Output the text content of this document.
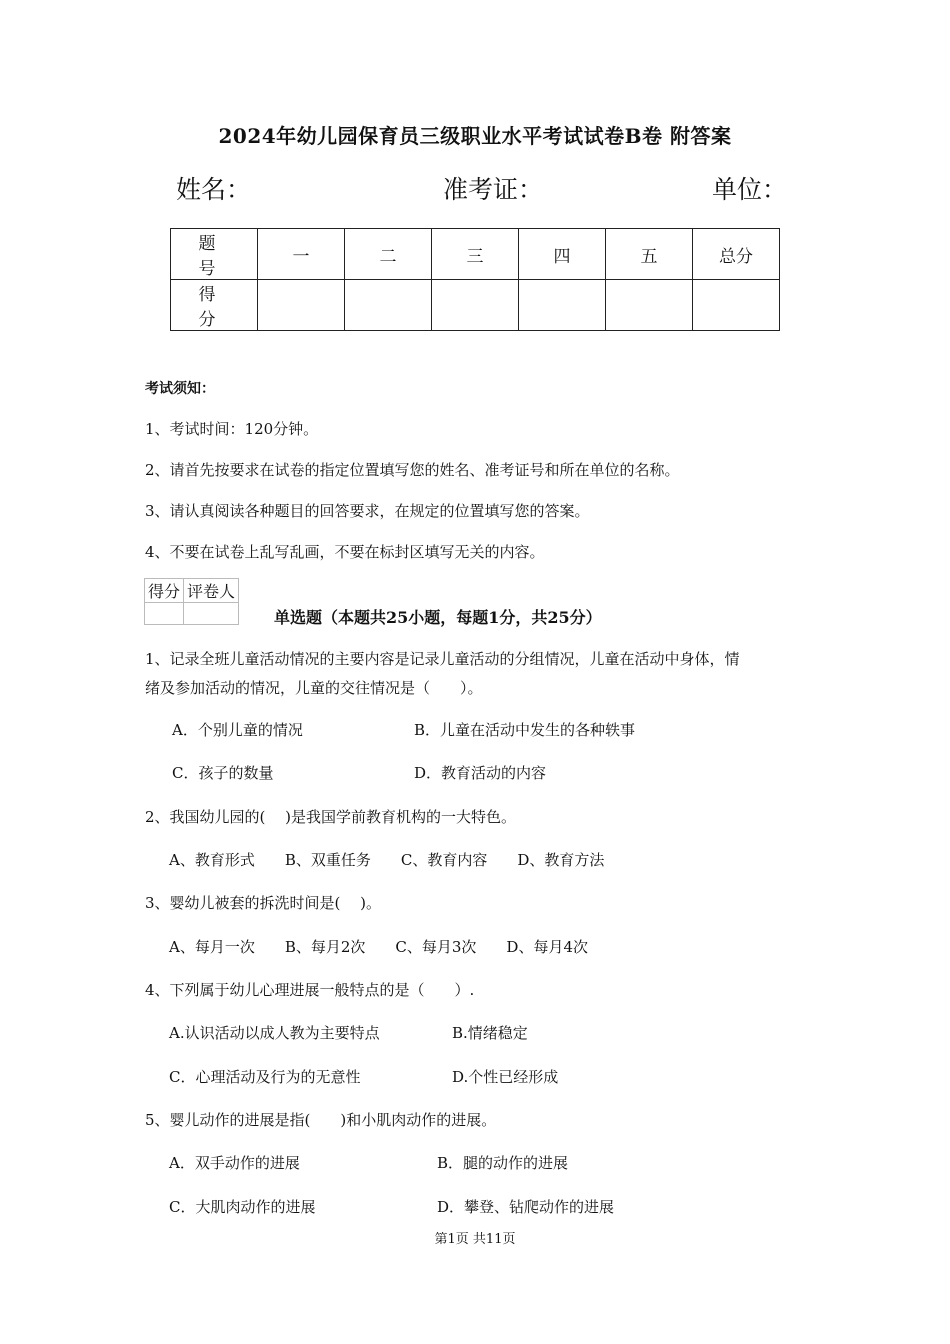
2024年幼儿园保育员三级职业水平考试试卷B卷 附答案
姓名：	准考证：	单位：
题　号	一	二	三	四	五	总分
得　分						
考试须知：
1、考试时间：120分钟。
2、请首先按要求在试卷的指定位置填写您的姓名、准考证号和所在单位的名称。
3、请认真阅读各种题目的回答要求，在规定的位置填写您的答案。
4、不要在试卷上乱写乱画，不要在标封区填写无关的内容。
得分	评卷人

单选题（本题共25小题，每题1分，共25分）
1、记录全班儿童活动情况的主要内容是记录儿童活动的分组情况，儿童在活动中身体，情
绪及参加活动的情况，儿童的交往情况是（　　）。
A．个别儿童的情况	B．儿童在活动中发生的各种轶事
C．孩子的数量	D．教育活动的内容
2、我国幼儿园的(　 )是我国学前教育机构的一大特色。
A、教育形式　　B、双重任务　　C、教育内容　　D、教育方法
3、婴幼儿被套的拆洗时间是(　 )。
A、每月一次　　B、每月2次　　C、每月3次　　D、每月4次
4、下列属于幼儿心理进展一般特点的是（　　）.
A.认识活动以成人教为主要特点	B.情绪稳定
C．心理活动及行为的无意性	D.个性已经形成
5、婴儿动作的进展是指(　　)和小肌肉动作的进展。
A．双手动作的进展	B．腿的动作的进展
C．大肌肉动作的进展	D．攀登、钻爬动作的进展
第1页 共11页
